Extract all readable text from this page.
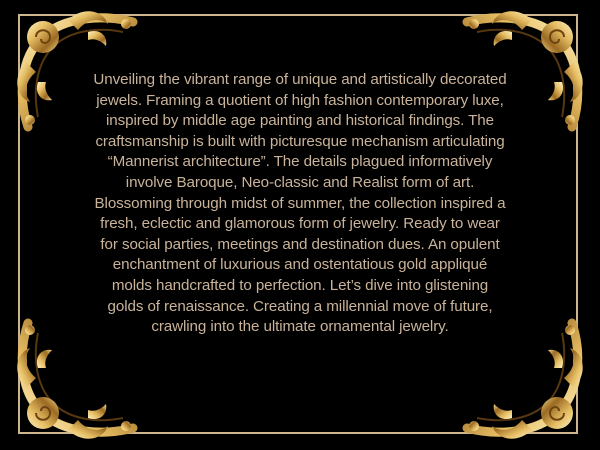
Unveiling the vibrant range of unique and artistically decorated jewels. Framing a quotient of high fashion contemporary luxe, inspired by middle age painting and historical findings. The craftsmanship is built with picturesque mechanism articulating “Mannerist architecture”. The details plagued informatively involve Baroque, Neo-classic and Realist form of art. Blossoming through midst of summer, the collection inspired a fresh, eclectic and glamorous form of jewelry. Ready to wear for social parties, meetings and destination dues. An opulent enchantment of luxurious and ostentatious gold appliqué molds handcrafted to perfection. Let’s dive into glistening golds of renaissance. Creating a millennial move of future, crawling into the ultimate ornamental jewelry.
